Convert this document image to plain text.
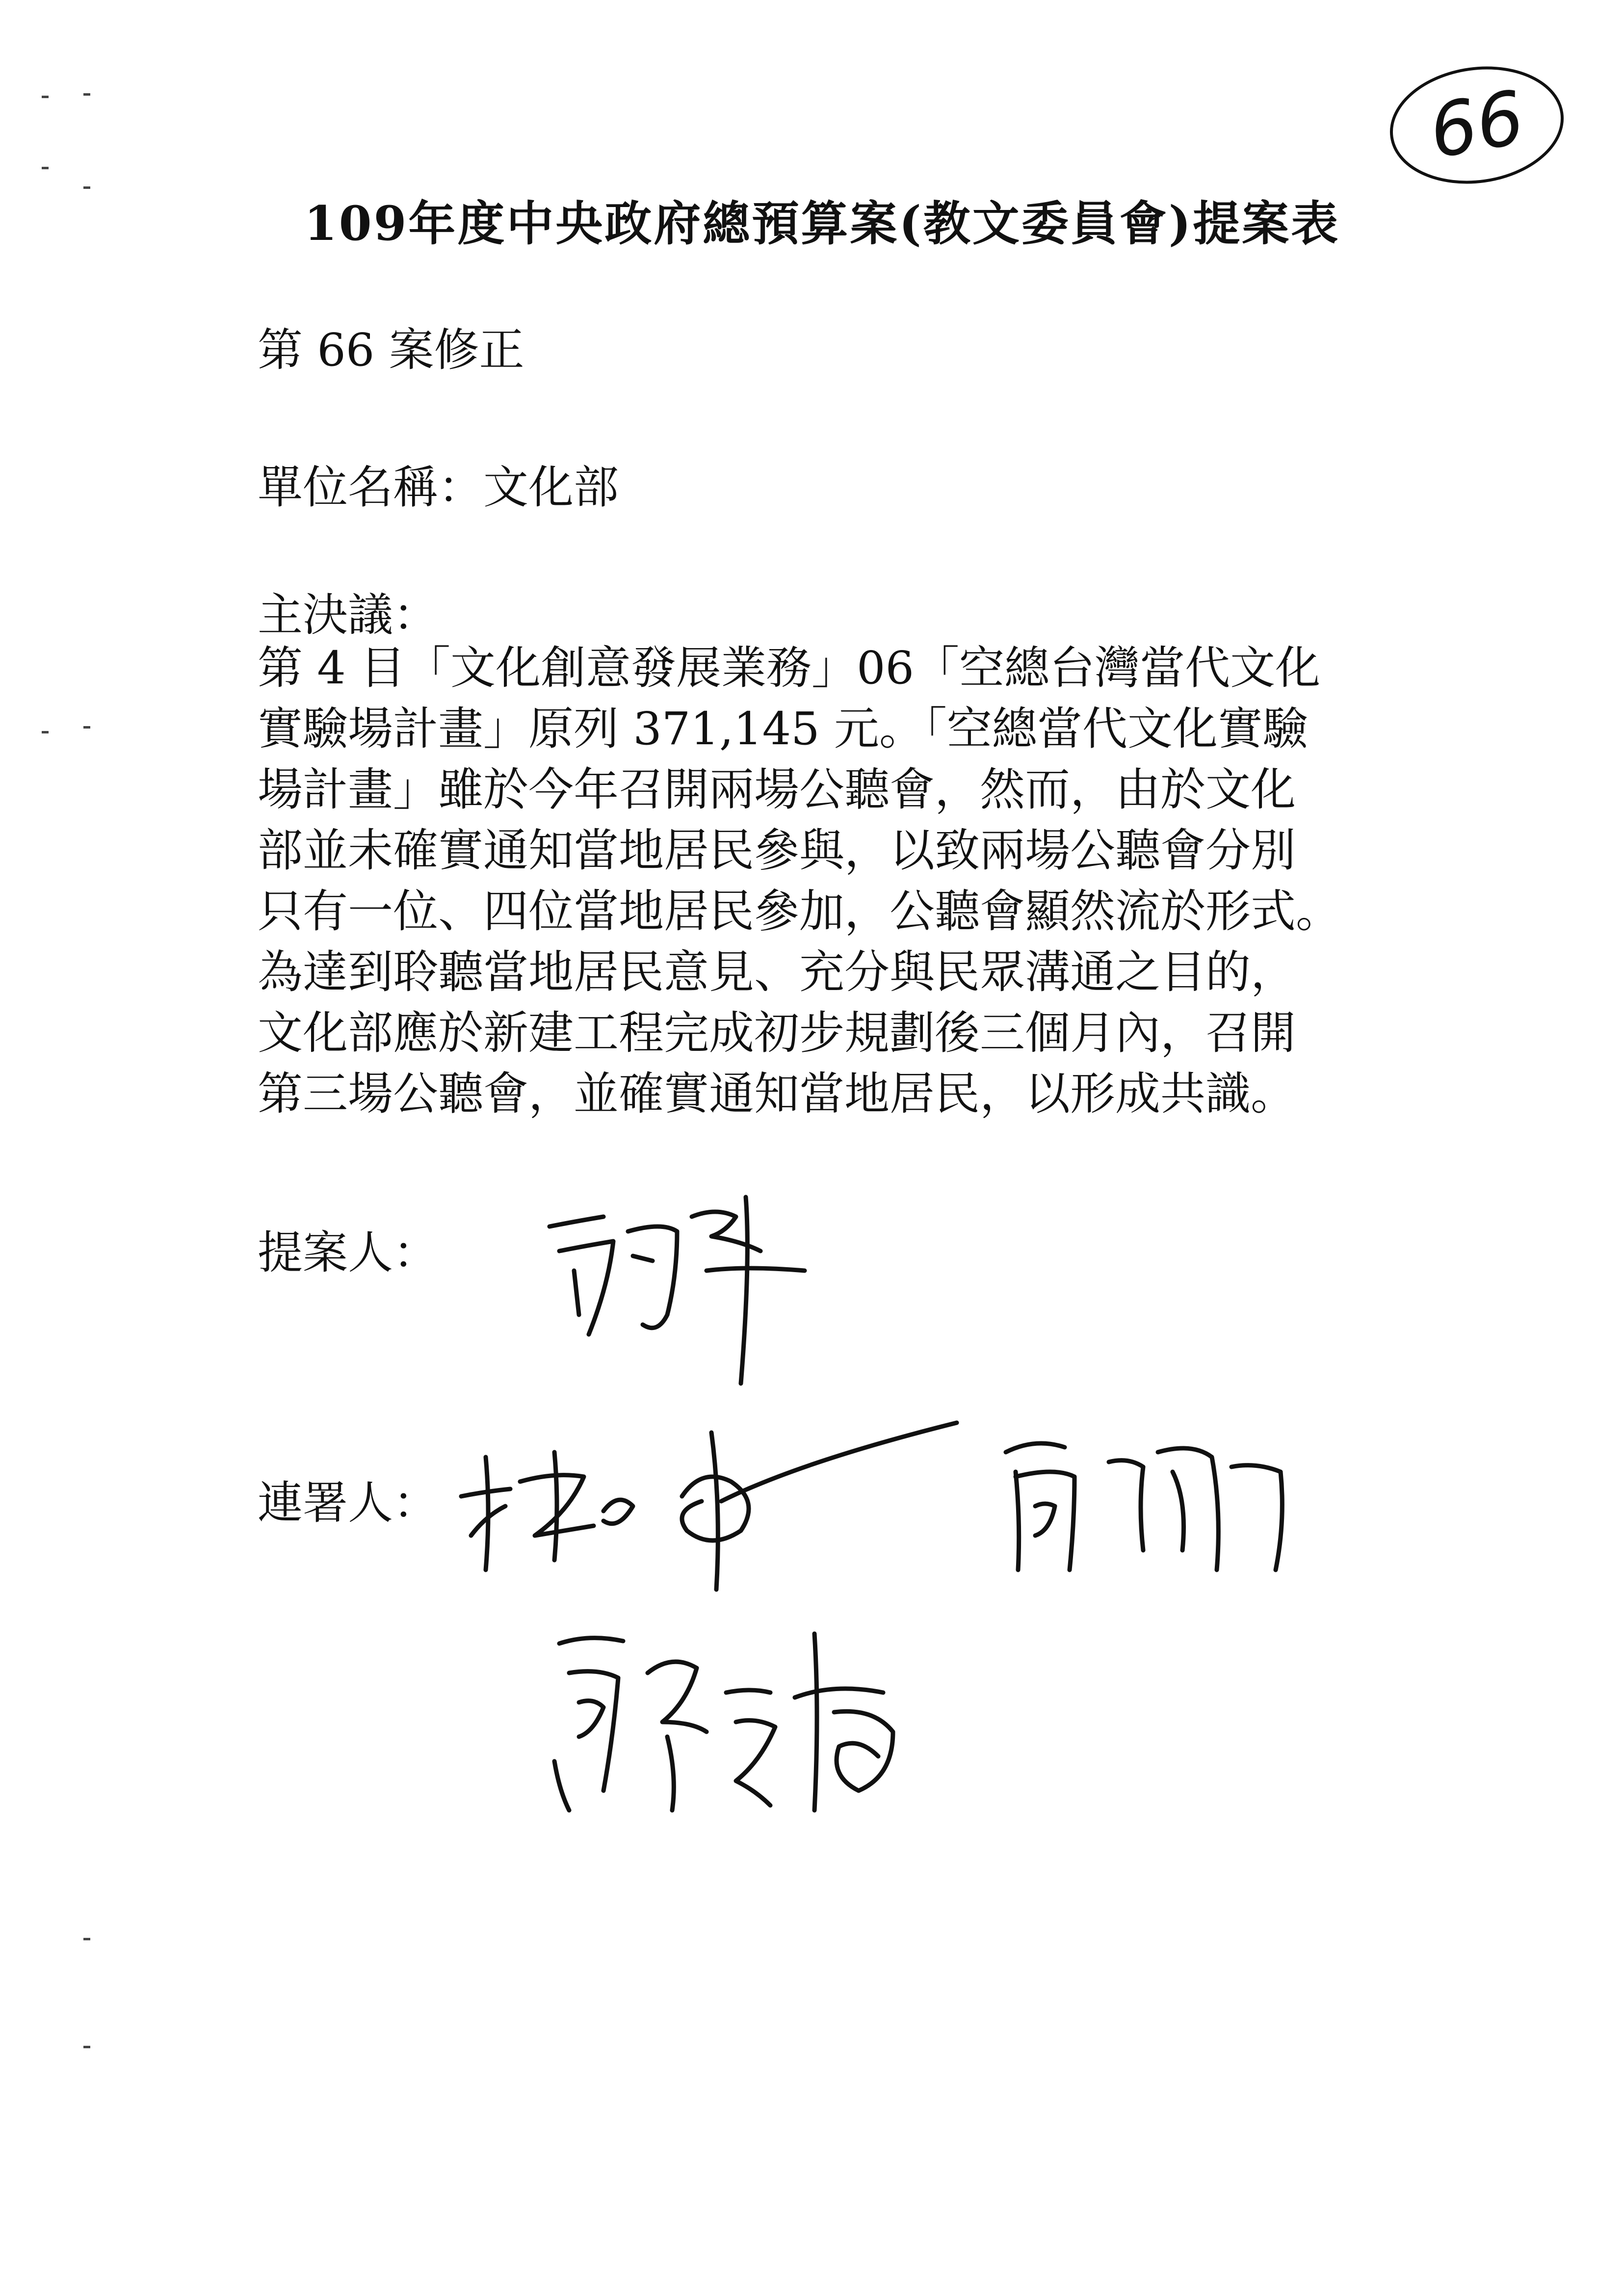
66
109年度中央政府總預算案(教文委員會)提案表
第 66 案修正
單位名稱：文化部
主決議：
第 4 目「文化創意發展業務」06「空總台灣當代文化
實驗場計畫」原列 371,145 元。「空總當代文化實驗
場計畫」雖於今年召開兩場公聽會，然而，由於文化
部並未確實通知當地居民參與，以致兩場公聽會分別
只有一位、四位當地居民參加，公聽會顯然流於形式。
為達到聆聽當地居民意見、充分與民眾溝通之目的，
文化部應於新建工程完成初步規劃後三個月內，召開
第三場公聽會，並確實通知當地居民，以形成共識。
提案人：
連署人：
